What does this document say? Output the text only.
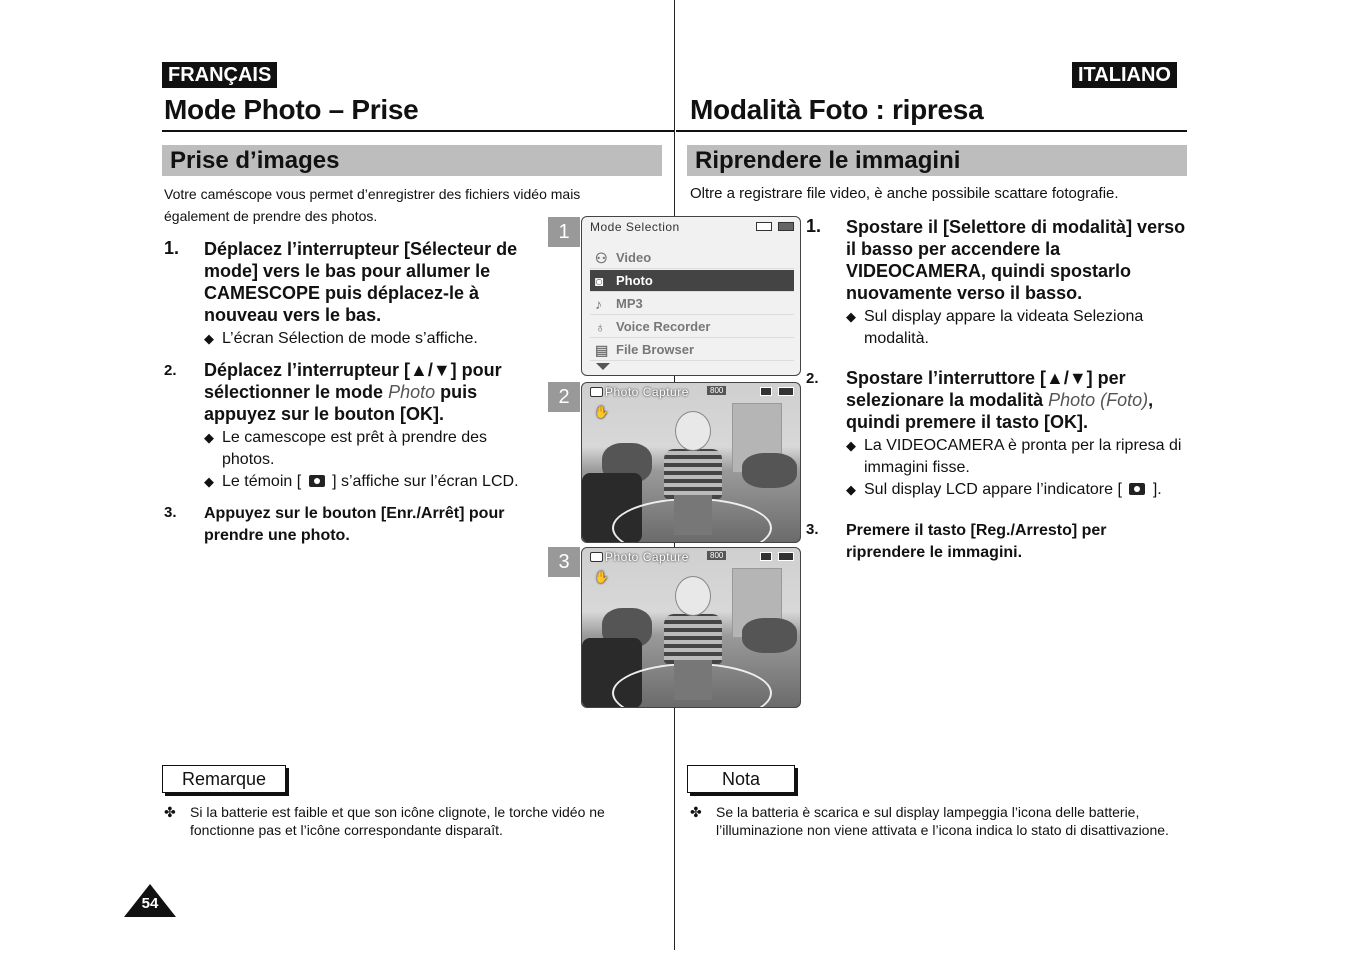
FRANÇAIS
Mode Photo – Prise
Prise d’images
Votre caméscope vous permet d’enregistrer des fichiers vidéo mais également de prendre des photos.
1. Déplacez l’interrupteur [Sélecteur de mode] vers le bas pour allumer le CAMESCOPE puis déplacez-le à nouveau vers le bas.
◆ L’écran Sélection de mode s’affiche.
2. Déplacez l’interrupteur [▲/▼] pour sélectionner le mode Photo puis appuyez sur le bouton [OK].
◆ Le camescope est prêt à prendre des photos.
◆ Le témoin [ ] s’affiche sur l’écran LCD.
3. Appuyez sur le bouton [Enr./Arrêt] pour prendre une photo.
Remarque
✤ Si la batterie est faible et que son icône clignote, le torche vidéo ne fonctionne pas et l’icône correspondante disparaît.
1	Mode Selection
⚇ Video
◙ Photo
♪ MP3
♁ Voice Recorder
▤ File Browser
2	Photo Capture	800
✋
3	Photo Capture	800
✋
ITALIANO
Modalità Foto : ripresa
Riprendere le immagini
Oltre a registrare file video, è anche possibile scattare fotografie.
1. Spostare il [Selettore di modalità] verso il basso per accendere la VIDEOCAMERA, quindi spostarlo nuovamente verso il basso.
◆ Sul display appare la videata Seleziona modalità.
2. Spostare l’interruttore [▲/▼] per selezionare la modalità Photo (Foto), quindi premere il tasto [OK].
◆ La VIDEOCAMERA è pronta per la ripresa di immagini fisse.
◆ Sul display LCD appare l’indicatore [ ].
3. Premere il tasto [Reg./Arresto] per riprendere le immagini.
Nota
✤ Se la batteria è scarica e sul display lampeggia l’icona delle batterie, l’illuminazione non viene attivata e l’icona indica lo stato di disattivazione.
54
